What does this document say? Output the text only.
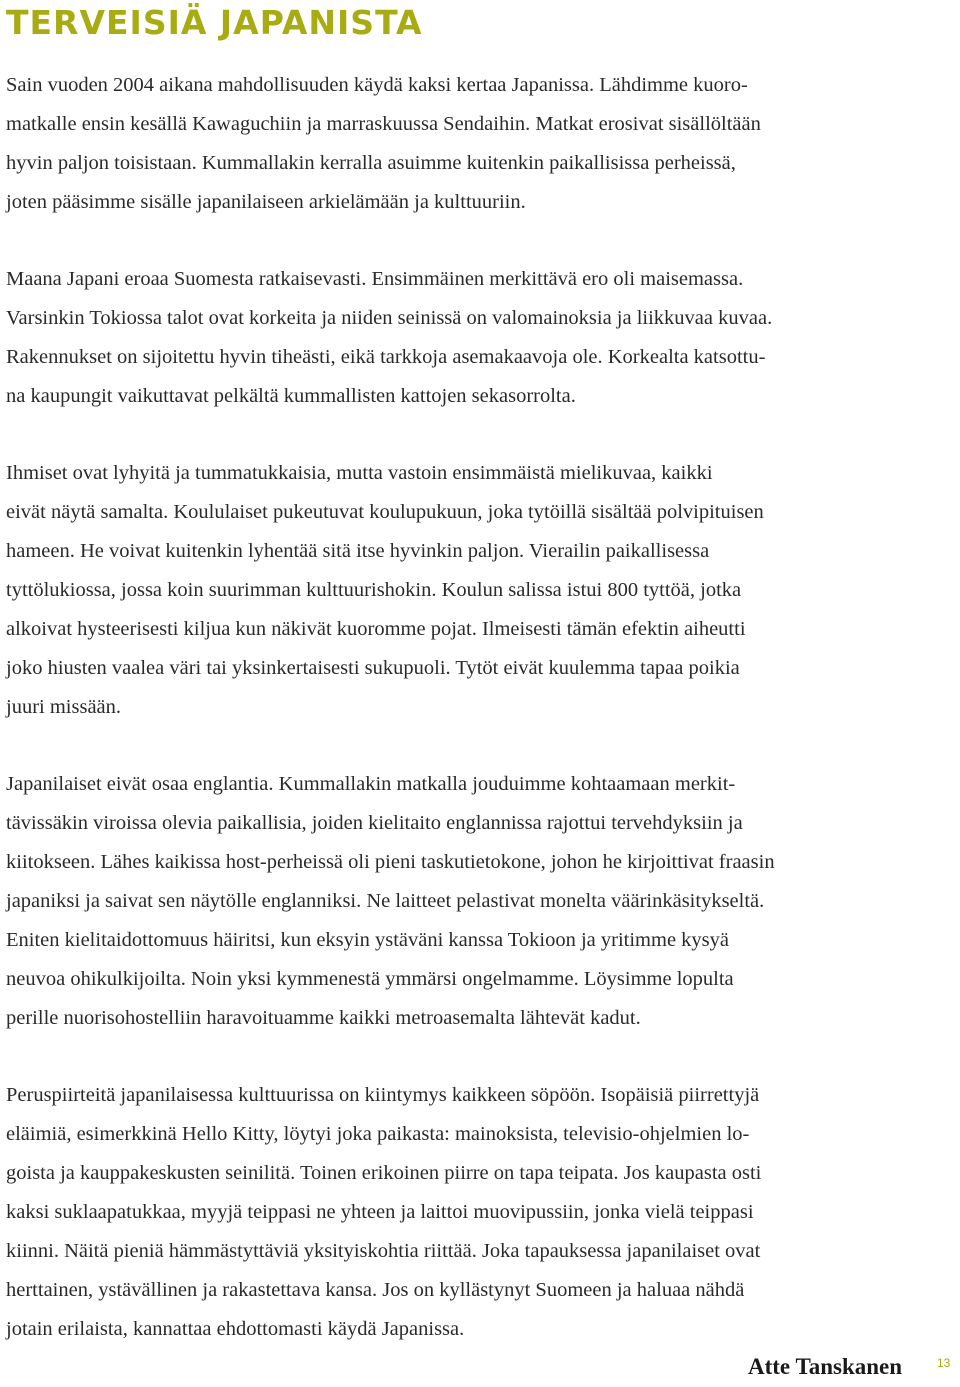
TERVEISIÄ JAPANISTA

Sain vuoden 2004 aikana mahdollisuuden käydä kaksi kertaa Japanissa. Lähdimme kuoro-
matkalle ensin kesällä Kawaguchiin ja marraskuussa Sendaihin. Matkat erosivat sisällöltään
hyvin paljon toisistaan. Kummallakin kerralla asuimme kuitenkin paikallisissa perheissä,
joten pääsimme sisälle japanilaiseen arkielämään ja kulttuuriin.

Maana Japani eroaa Suomesta ratkaisevasti. Ensimmäinen merkittävä ero oli maisemassa.
Varsinkin Tokiossa talot ovat korkeita ja niiden seinissä on valomainoksia ja liikkuvaa kuvaa.
Rakennukset on sijoitettu hyvin tiheästi, eikä tarkkoja asemakaavoja ole. Korkealta katsottu-
na kaupungit vaikuttavat pelkältä kummallisten kattojen sekasorrolta.

Ihmiset ovat lyhyitä ja tummatukkaisia, mutta vastoin ensimmäistä mielikuvaa, kaikki
eivät näytä samalta. Koululaiset pukeutuvat koulupukuun, joka tytöillä sisältää polvipituisen
hameen. He voivat kuitenkin lyhentää sitä itse hyvinkin paljon. Vierailin paikallisessa
tyttölukiossa, jossa koin suurimman kulttuurishokin. Koulun salissa istui 800 tyttöä, jotka
alkoivat hysteerisesti kiljua kun näkivät kuoromme pojat. Ilmeisesti tämän efektin aiheutti
joko hiusten vaalea väri tai yksinkertaisesti sukupuoli. Tytöt eivät kuulemma tapaa poikia
juuri missään.

Japanilaiset eivät osaa englantia. Kummallakin matkalla jouduimme kohtaamaan merkit-
tävissäkin viroissa olevia paikallisia, joiden kielitaito englannissa rajottui tervehdyksiin ja
kiitokseen. Lähes kaikissa host-perheissä oli pieni taskutietokone, johon he kirjoittivat fraasin
japaniksi ja saivat sen näytölle englanniksi. Ne laitteet pelastivat monelta väärinkäsitykseltä.
Eniten kielitaidottomuus häiritsi, kun eksyin ystäväni kanssa Tokioon ja yritimme kysyä
neuvoa ohikulkijoilta. Noin yksi kymmenestä ymmärsi ongelmamme. Löysimme lopulta
perille nuorisohostelliin haravoituamme kaikki metroasemalta lähtevät kadut.

Peruspiirteitä japanilaisessa kulttuurissa on kiintymys kaikkeen söpöön. Isopäisiä piirrettyjä
eläimiä, esimerkkinä Hello Kitty, löytyi joka paikasta: mainoksista, televisio-ohjelmien lo-
goista ja kauppakeskusten seinilitä. Toinen erikoinen piirre on tapa teipata. Jos kaupasta osti
kaksi suklaapatukkaa, myyjä teippasi ne yhteen ja laittoi muovipussiin, jonka vielä teippasi
kiinni. Näitä pieniä hämmästyttäviä yksityiskohtia riittää. Joka tapauksessa japanilaiset ovat
herttainen, ystävällinen ja rakastettava kansa. Jos on kyllästynyt Suomeen ja haluaa nähdä
jotain erilaista, kannattaa ehdottomasti käydä Japanissa.

Atte Tanskanen	13
